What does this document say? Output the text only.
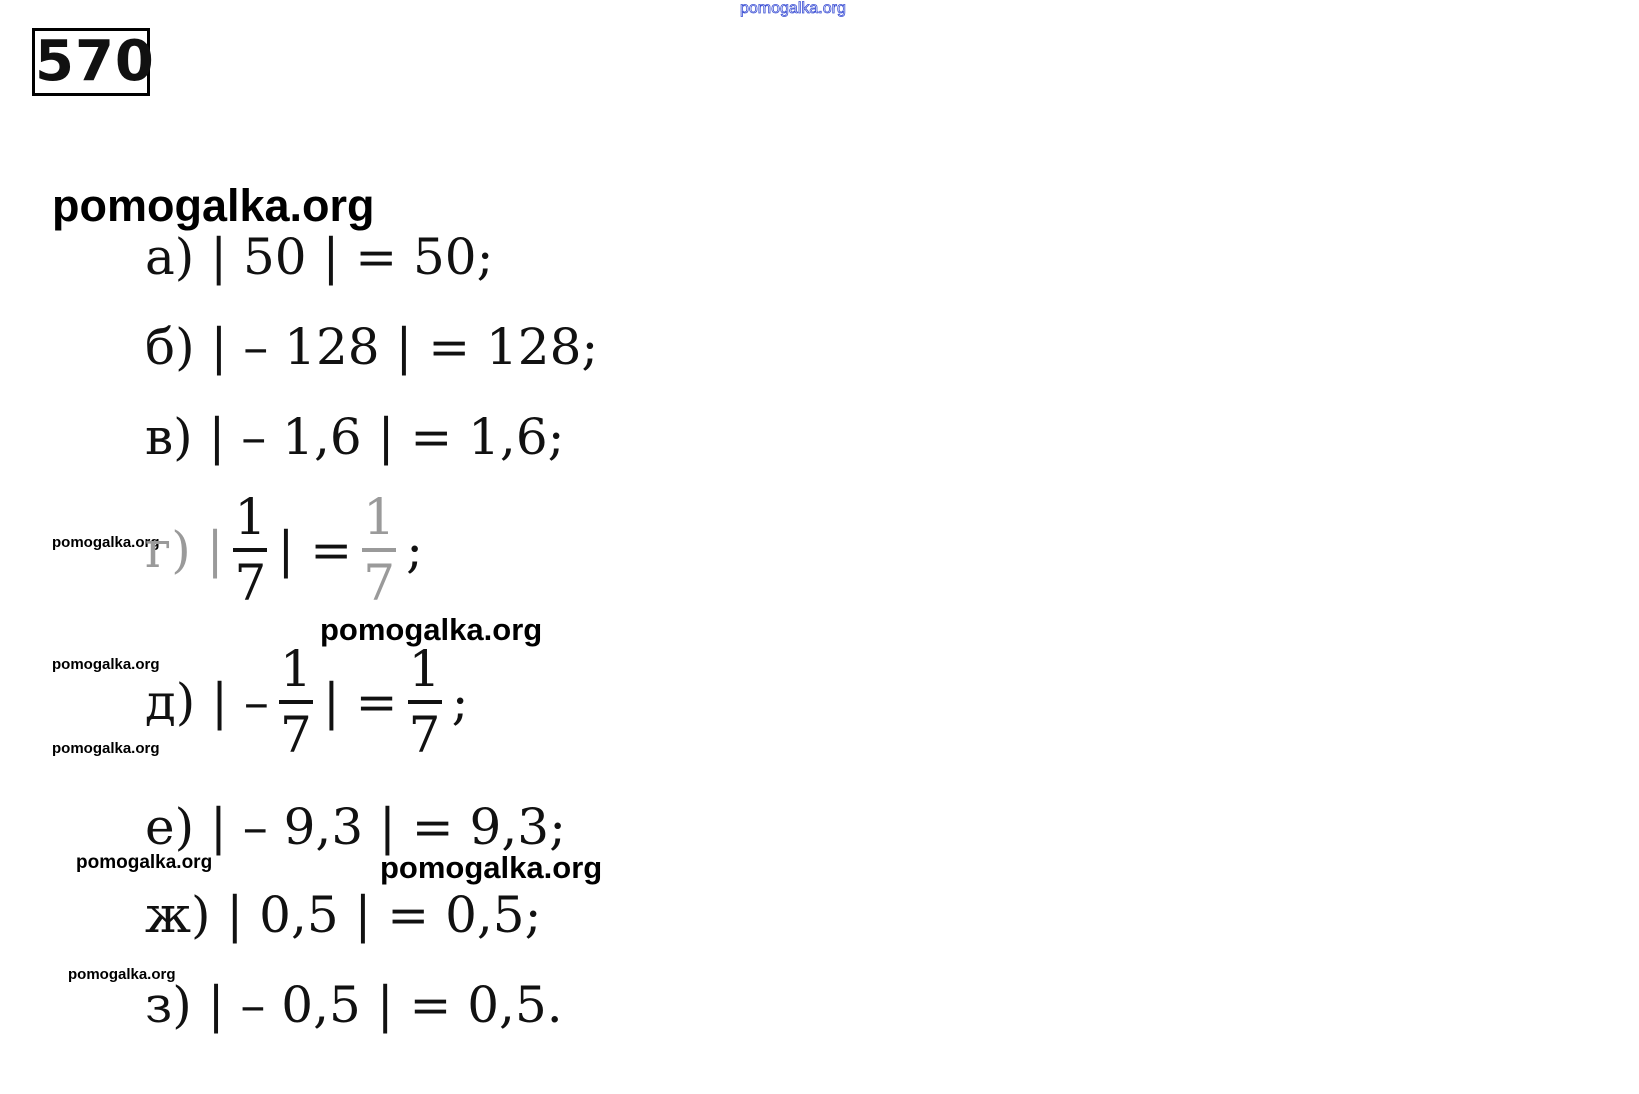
pomogalka.org
570
pomogalka.org
а) | 50 | = 50;
б) | – 128 | = 128;
в) | – 1,6 | = 1,6;
pomogalka.org
г) | $\frac{1}{7}$ | = $\frac{1}{7}$ ;
pomogalka.org
pomogalka.org
д) | – $\frac{1}{7}$ | = $\frac{1}{7}$ ;
pomogalka.org
е) | – 9,3 | = 9,3;
pomogalka.org	pomogalka.org
ж) | 0,5 | = 0,5;
pomogalka.org
з) | – 0,5 | = 0,5.
